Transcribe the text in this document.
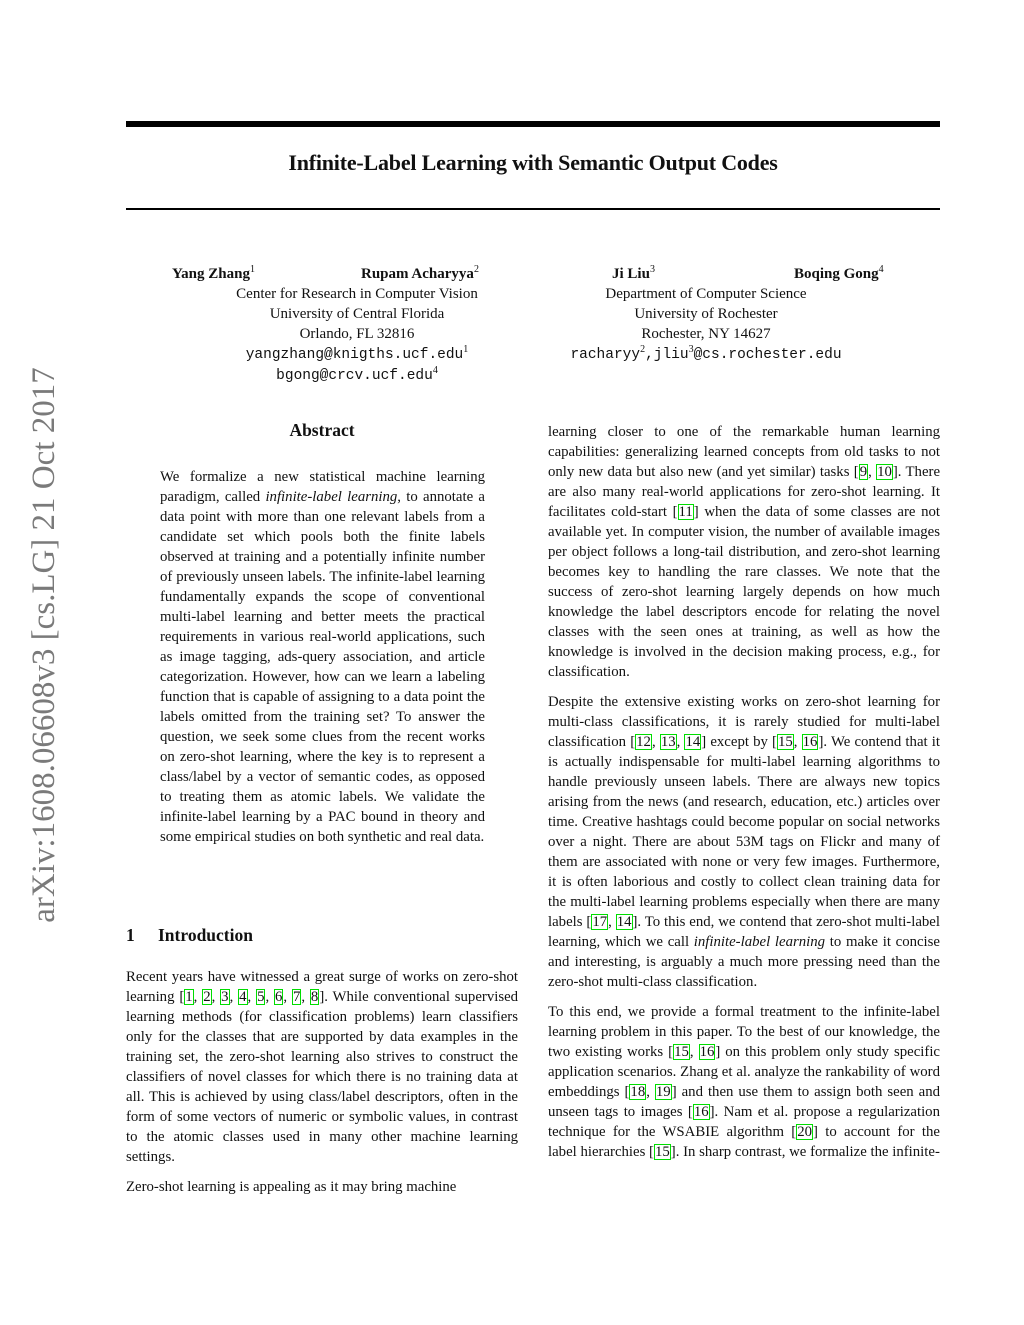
arXiv:1608.06608v3 [cs.LG] 21 Oct 2017
Infinite-Label Learning with Semantic Output Codes
Yang Zhang$^1$	Rupam Acharyya$^2$	Ji Liu$^3$	Boqing Gong$^4$
Center for Research in Computer Vision
University of Central Florida
Orlando, FL 32816
yangzhang@knigths.ucf.edu$^1$
bgong@crcv.ucf.edu$^4$
Department of Computer Science
University of Rochester
Rochester, NY 14627
racharyy$^2$,jliu$^3$@cs.rochester.edu
Abstract
We formalize a new statistical machine learning paradigm, called infinite-label learning, to annotate a data point with more than one relevant labels from a candidate set which pools both the finite labels observed at training and a potentially infinite number of previously unseen labels. The infinite-label learning fundamentally expands the scope of conventional multi-label learning and better meets the practical requirements in various real-world applications, such as image tagging, ads-query association, and article categorization. However, how can we learn a labeling function that is capable of assigning to a data point the labels omitted from the training set? To answer the question, we seek some clues from the recent works on zero-shot learning, where the key is to represent a class/label by a vector of semantic codes, as opposed to treating them as atomic labels. We validate the infinite-label learning by a PAC bound in theory and some empirical studies on both synthetic and real data.
1 Introduction

Recent years have witnessed a great surge of works on zero-shot learning [1, 2, 3, 4, 5, 6, 7, 8]. While conventional supervised learning methods (for classification problems) learn classifiers only for the classes that are supported by data examples in the training set, the zero-shot learning also strives to construct the classifiers of novel classes for which there is no training data at all. This is achieved by using class/label descriptors, often in the form of some vectors of numeric or symbolic values, in contrast to the atomic classes used in many other machine learning settings.

Zero-shot learning is appealing as it may bring machine

learning closer to one of the remarkable human learning capabilities: generalizing learned concepts from old tasks to not only new data but also new (and yet similar) tasks [9, 10]. There are also many real-world applications for zero-shot learning. It facilitates cold-start [11] when the data of some classes are not available yet. In computer vision, the number of available images per object follows a long-tail distribution, and zero-shot learning becomes key to handling the rare classes. We note that the success of zero-shot learning largely depends on how much knowledge the label descriptors encode for relating the novel classes with the seen ones at training, as well as how the knowledge is involved in the decision making process, e.g., for classification.

Despite the extensive existing works on zero-shot learning for multi-class classifications, it is rarely studied for multi-label classification [12, 13, 14] except by [15, 16]. We contend that it is actually indispensable for multi-label learning algorithms to handle previously unseen labels. There are always new topics arising from the news (and research, education, etc.) articles over time. Creative hashtags could become popular on social networks over a night. There are about 53M tags on Flickr and many of them are associated with none or very few images. Furthermore, it is often laborious and costly to collect clean training data for the multi-label learning problems especially when there are many labels [17, 14]. To this end, we contend that zero-shot multi-label learning, which we call infinite-label learning to make it concise and interesting, is arguably a much more pressing need than the zero-shot multi-class classification.

To this end, we provide a formal treatment to the infinite-label learning problem in this paper. To the best of our knowledge, the two existing works [15, 16] on this problem only study specific application scenarios. Zhang et al. analyze the rankability of word embeddings [18, 19] and then use them to assign both seen and unseen tags to images [16]. Nam et al. propose a regularization technique for the WSABIE algorithm [20] to account for the label hierarchies [15]. In sharp contrast, we formalize the infinite-
